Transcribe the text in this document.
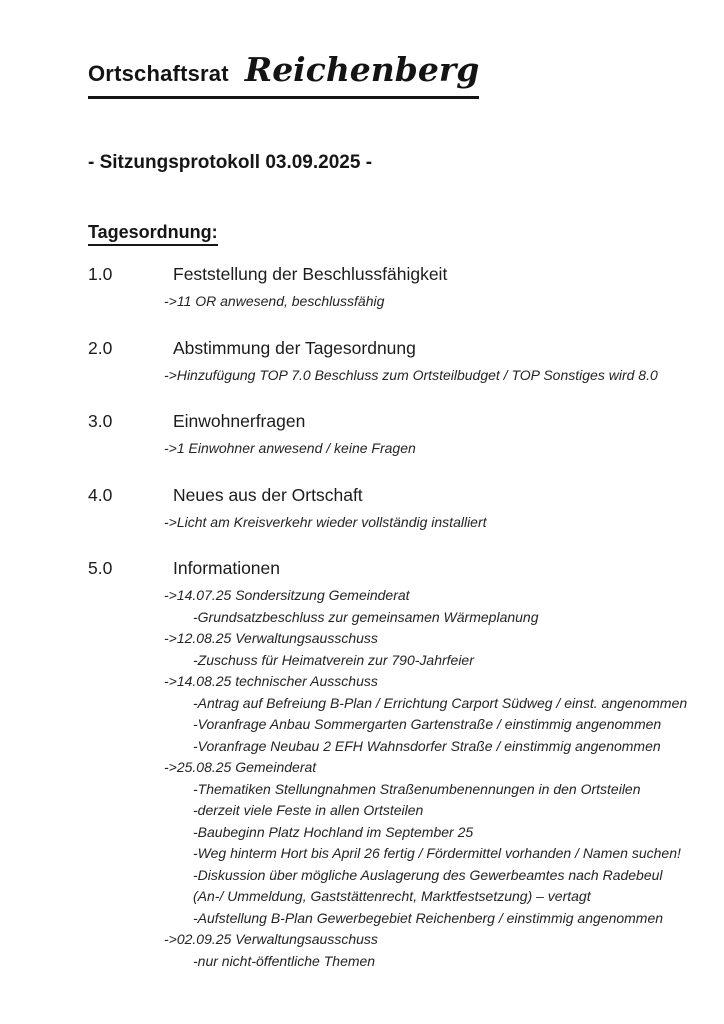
Ortschaftsrat Reichenberg
- Sitzungsprotokoll 03.09.2025 -
Tagesordnung:
1.0	Feststellung der Beschlussfähigkeit
->11 OR anwesend, beschlussfähig
2.0	Abstimmung der Tagesordnung
->Hinzufügung TOP 7.0 Beschluss zum Ortsteilbudget / TOP Sonstiges wird 8.0
3.0	Einwohnerfragen
->1 Einwohner anwesend / keine Fragen
4.0	Neues aus der Ortschaft
->Licht am Kreisverkehr wieder vollständig installiert
5.0	Informationen
->14.07.25 Sondersitzung Gemeinderat
-Grundsatzbeschluss zur gemeinsamen Wärmeplanung
->12.08.25 Verwaltungsausschuss
-Zuschuss für Heimatverein zur 790-Jahrfeier
->14.08.25 technischer Ausschuss
-Antrag auf Befreiung B-Plan / Errichtung Carport Südweg / einst. angenommen
-Voranfrage Anbau Sommergarten Gartenstraße / einstimmig angenommen
-Voranfrage Neubau 2 EFH Wahnsdorfer Straße / einstimmig angenommen
->25.08.25 Gemeinderat
-Thematiken Stellungnahmen Straßenumbenennungen in den Ortsteilen
-derzeit viele Feste in allen Ortsteilen
-Baubeginn Platz Hochland im September 25
-Weg hinterm Hort bis April 26 fertig / Fördermittel vorhanden / Namen suchen!
-Diskussion über mögliche Auslagerung des Gewerbeamtes nach Radebeul
(An-/ Ummeldung, Gaststättenrecht, Marktfestsetzung) – vertagt
-Aufstellung B-Plan Gewerbegebiet Reichenberg / einstimmig angenommen
->02.09.25 Verwaltungsausschuss
-nur nicht-öffentliche Themen
